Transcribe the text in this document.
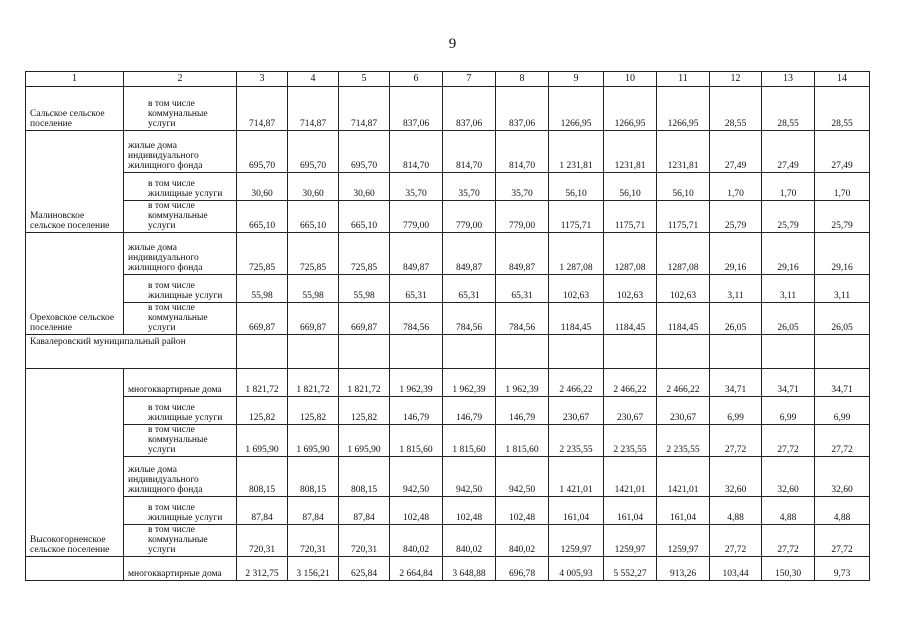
9
1	2	3	4	5	6	7	8	9	10	11	12	13	14
Сальское сельское поселение	в том числе коммунальные услуги	714,87	714,87	714,87	837,06	837,06	837,06	1266,95	1266,95	1266,95	28,55	28,55	28,55
Малиновское сельское поселение	жилые дома индивидуального жилищного фонда	695,70	695,70	695,70	814,70	814,70	814,70	1 231,81	1231,81	1231,81	27,49	27,49	27,49
	в том числе жилищные услуги	30,60	30,60	30,60	35,70	35,70	35,70	56,10	56,10	56,10	1,70	1,70	1,70
	в том числе коммунальные услуги	665,10	665,10	665,10	779,00	779,00	779,00	1175,71	1175,71	1175,71	25,79	25,79	25,79
Ореховское сельское поселение	жилые дома индивидуального жилищного фонда	725,85	725,85	725,85	849,87	849,87	849,87	1 287,08	1287,08	1287,08	29,16	29,16	29,16
	в том числе жилищные услуги	55,98	55,98	55,98	65,31	65,31	65,31	102,63	102,63	102,63	3,11	3,11	3,11
	в том числе коммунальные услуги	669,87	669,87	669,87	784,56	784,56	784,56	1184,45	1184,45	1184,45	26,05	26,05	26,05
Кавалеровский муниципальный район													
Высокогорненское сельское поселение	многоквартирные дома	1 821,72	1 821,72	1 821,72	1 962,39	1 962,39	1 962,39	2 466,22	2 466,22	2 466,22	34,71	34,71	34,71
	в том числе жилищные услуги	125,82	125,82	125,82	146,79	146,79	146,79	230,67	230,67	230,67	6,99	6,99	6,99
	в том числе коммунальные услуги	1 695,90	1 695,90	1 695,90	1 815,60	1 815,60	1 815,60	2 235,55	2 235,55	2 235,55	27,72	27,72	27,72
	жилые дома индивидуального жилищного фонда	808,15	808,15	808,15	942,50	942,50	942,50	1 421,01	1421,01	1421,01	32,60	32,60	32,60
	в том числе жилищные услуги	87,84	87,84	87,84	102,48	102,48	102,48	161,04	161,04	161,04	4,88	4,88	4,88
	в том числе коммунальные услуги	720,31	720,31	720,31	840,02	840,02	840,02	1259,97	1259,97	1259,97	27,72	27,72	27,72
	многоквартирные дома	2 312,75	3 156,21	625,84	2 664,84	3 648,88	696,78	4 005,93	5 552,27	913,26	103,44	150,30	9,73
